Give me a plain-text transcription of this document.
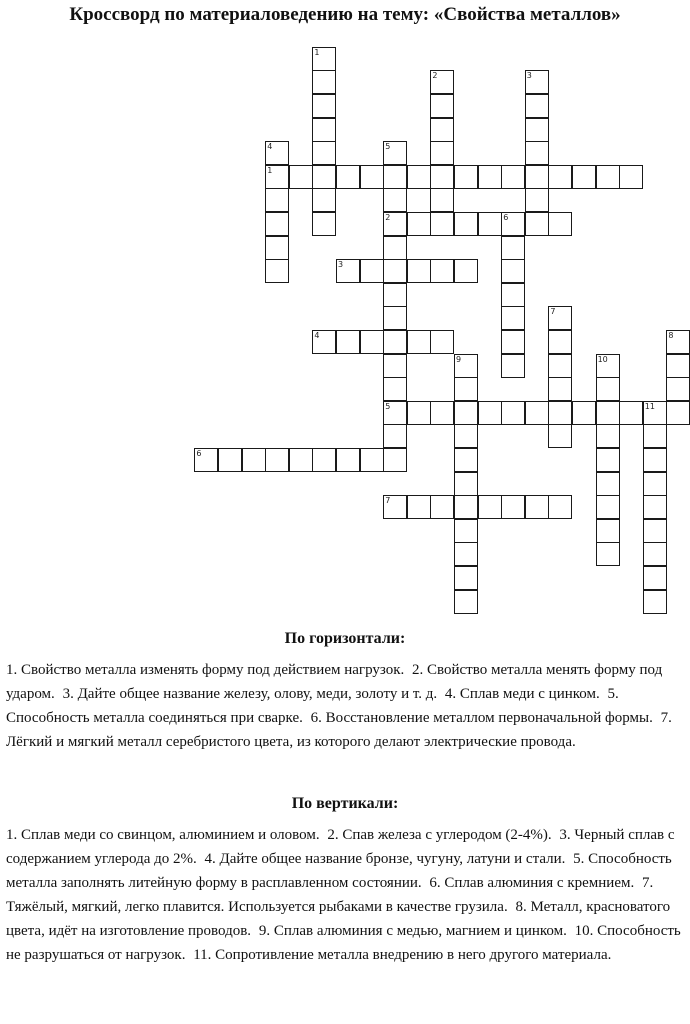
Кроссворд по материаловедению на тему: «Свойства металлов»
1
2	3
4
1
5
2	6
3
7
4	8
9	10
5	11
6
7
По горизонтали:

1. Свойство металла изменять форму под действием нагрузок. 2. Свойство металла менять форму под ударом. 3. Дайте общее название железу, олову, меди, золоту и т. д. 4. Сплав меди с цинком. 5. Способность металла соединяться при сварке. 6. Восстановление металлом первоначальной формы. 7. Лёгкий и мягкий металл серебристого цвета, из которого делают электрические провода.

По вертикали:

1. Сплав меди со свинцом, алюминием и оловом. 2. Спав железа с углеродом (2-4%). 3. Черный сплав с содержанием углерода до 2%. 4. Дайте общее название бронзе, чугуну, латуни и стали. 5. Способность металла заполнять литейную форму в расплавленном состоянии. 6. Сплав алюминия с кремнием. 7. Тяжёлый, мягкий, легко плавится. Используется рыбаками в качестве грузила. 8. Металл, красноватого цвета, идёт на изготовление проводов. 9. Сплав алюминия с медью, магнием и цинком. 10. Способность не разрушаться от нагрузок. 11. Сопротивление металла внедрению в него другого материала.
